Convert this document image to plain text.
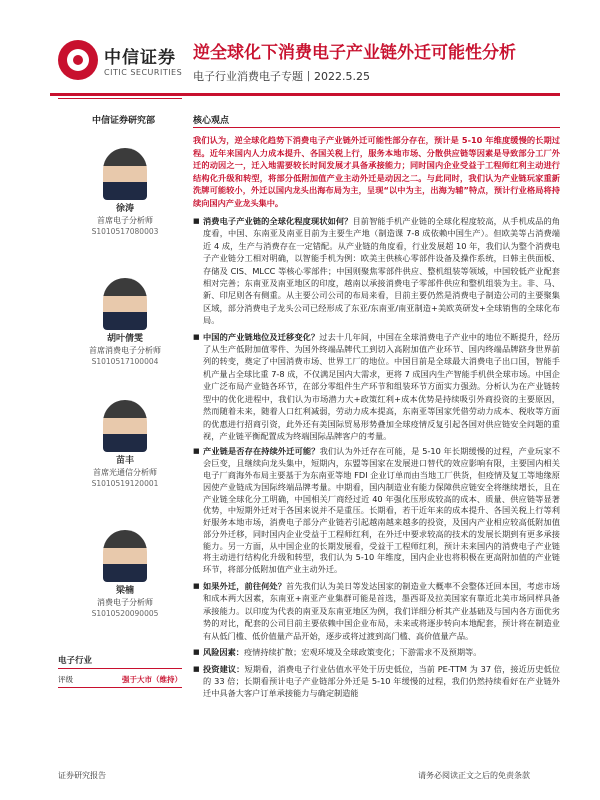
中信证券
CITIC SECURITIES
逆全球化下消费电子产业链外迁可能性分析
电子行业消费电子专题丨2022.5.25
中信证券研究部	核心观点
徐涛
首席电子分析师
S1010517080003
胡叶倩雯
首席消费电子分析师
S1010517100004
苗丰
首席光通信分析师
S1010519120001
梁楠
消费电子分析师
S1010520090005
电子行业
评级	强于大市（维持）

我们认为，逆全球化趋势下消费电子产业链外迁可能性部分存在，预计是 5-10 年维度缓慢的长期过程。近年来国内人力成本提升、各国关税上行，服务本地市场、分散供应链等因素是导致部分工厂外迁的动因之一，迁入地需要较长时间发展才具备承接能力；同时国内企业受益于工程师红利主动进行结构化升级和转型，将部分低附加值产业主动外迁是动因之二。与此同时，我们认为产业链玩家重新洗牌可能较小，外迁以国内龙头出海布局为主，呈现“以中为主，出海为辅”特点，预计行业格局将持续向国内产业龙头集中。

■ 消费电子产业链的全球化程度现状如何？目前智能手机产业链的全球化程度较高，从手机成品的角度看，中国、东南亚及南亚目前为主要生产地（制造课 7-8 成依赖中国生产）。但欧美等占消费端近 4 成，生产与消费存在一定错配。从产业链的角度看，行业发展超 10 年，我们认为整个消费电子产业链分工相对明确，以智能手机为例：欧美主供核心零部件设备及操作系统，日韩主供面板、存储及 CIS、MLCC 等核心零部件；中国则聚焦零部件供应、整机组装等领域，中国较低产业配套相对完善；东南亚及南亚地区的印度，越南以承接消费电子零部件供应和整机组装为主。非、马、新、印尼则各有侧重。从主要公司公司的布局来看，目前主要仍然是消费电子制造公司的主要聚集区域，部分消费电子龙头公司已经形成了东亚/东南亚/南亚制造+美欧英研发+全球销售的全球化布局。

■ 中国的产业链地位及迁移变化？过去十几年间，中国在全球消费电子产业中的地位不断提升，经历了从生产低附加值零件、为国外终端品牌代工到切入高附加值产业环节、国内终端品牌跻身世界前列的转变，奠定了中国消费市场、世界工厂的地位。中国目前是全球最大消费电子出口国，智能手机产量占全球比重 7-8 成，不仅满足国内大需求，更将 7 成国内生产智能手机供全球市场。中国企业广泛布局产业链各环节，在部分零组件生产环节和组装环节方面实力强劲。分析认为在产业链转型中的优化进程中，我们认为市场潜力大+政策红利+成本优势是持续吸引外商投资的主要原因，然而随着未来，随着人口红利减弱，劳动力成本提高，东南亚等国家凭借劳动力成本、税收等方面的优惠进行招商引资，此外还有美国际贸易形势叠加全球疫情反复引起各国对供应链安全问题的重视，产业链平衡配置成为终端国际品牌客户的考量。

■ 产业链是否存在持续外迁可能？我们认为外迁存在可能，是 5-10 年长期缓慢的过程，产业玩家不会巨变，且继续向龙头集中，短期内，东盟等国家在发展进口替代的效应影响有限，主要国内相关电子厂商海外布局主要基于为东南亚等地 FDI 企业订单而由当地工厂供货，但疫情及复工等地缘原因使产业链成为国际终端品牌考量。中期看，国内制造业有能力保障供应链安全将继续增长，且在产业链全球化分工明确，中国相关厂商经过近 40 年强化压形成较高的成本、质量、供应链等显著优势，中短期外迁对于各国来说并不是重压。长期看，若干近年来的成本提升、各国关税上行等利好服务本地市场，消费电子部分产业链若引起越南越来越多的投资，及国内产业相应较高低附加值部分外迁移，同时国内企业受益于工程师红利，在外迁中要求较高的技术的发展长期到有更多承接能力。另一方面，从中国企业的长期发展看，受益于工程师红利，预计未来国内的消费电子产业链将主动进行结构化升级和转型，我们认为 5-10 年维度，国内企业也将积极在更高附加值的产业链环节，将部分低附加值产业主动外迁。

■ 如果外迁，前往何处？首先我们认为美日等发达国家的制造业大概率不会整体迁回本国，考虑市场和成本两大因素，东南亚+南亚产业集群可能是首选，墨西哥及拉美国家有靠近北美市场同样具备承接能力。以印度为代表的南亚及东南亚地区为例，我们详细分析其产业基础及与国内各方面优劣势的对比，配套的公司目前主要依赖中国企业布局，未来或将逐步转向本地配套，预计将在制造业有从低门槛、低价值量产品开始，逐步或将过渡到高门槛、高价值量产品。

■ 风险因素：疫情持续扩散；宏观环境及全球政策变化；下游需求不及预期等。

■ 投资建议：短期看，消费电子行业估值水平处于历史低位，当前 PE-TTM 为 37 倍，接近历史低位的 33 倍；长期看预计电子产业链部分外迁是 5-10 年缓慢的过程，我们仍然持续看好在产业链外迁中具备大客户订单承接能力与确定制造能

证券研究报告	请务必阅读正文之后的免责条款
